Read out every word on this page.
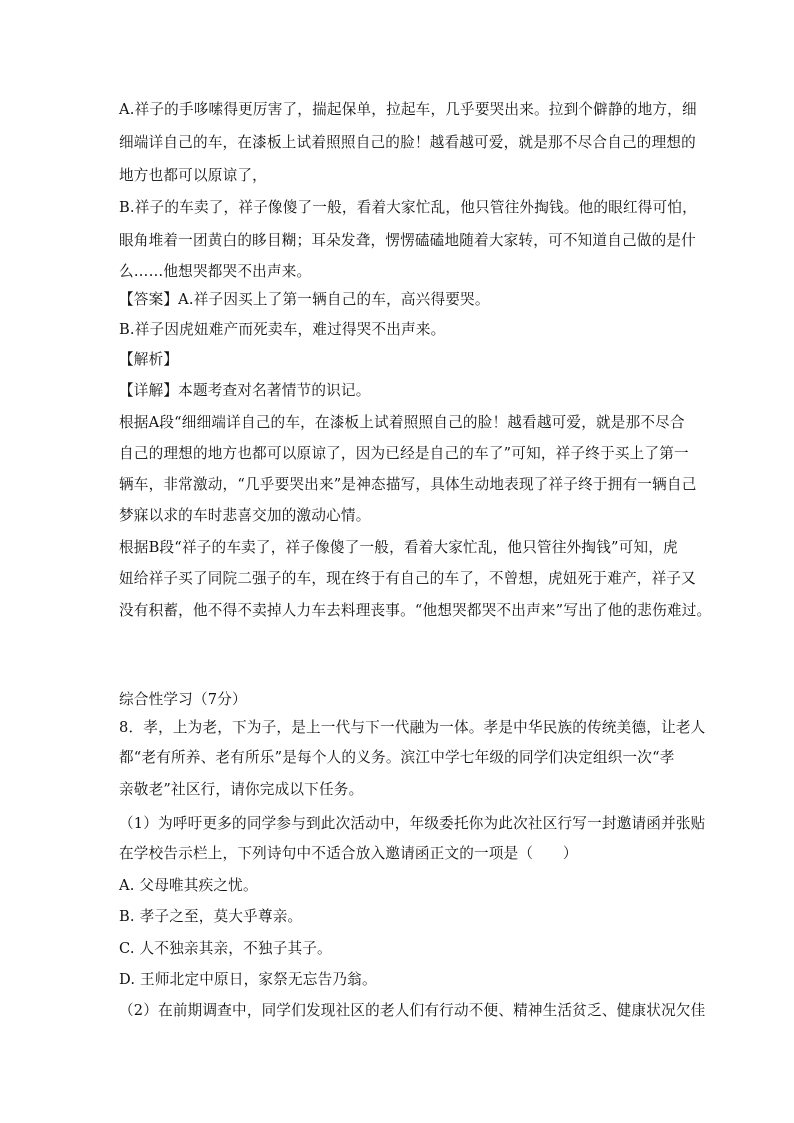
A.祥子的手哆嗦得更厉害了，揣起保单，拉起车，几乎要哭出来。拉到个僻静的地方，细
细端详自己的车，在漆板上试着照照自己的脸！越看越可爱，就是那不尽合自己的理想的
地方也都可以原谅了，
B.祥子的车卖了，祥子像傻了一般，看着大家忙乱，他只管往外掏钱。他的眼红得可怕，
眼角堆着一团黄白的眵目糊；耳朵发聋，愣愣磕磕地随着大家转，可不知道自己做的是什
么……他想哭都哭不出声来。
【答案】A.祥子因买上了第一辆自己的车，高兴得要哭。
B.祥子因虎妞难产而死卖车，难过得哭不出声来。
【解析】
【详解】本题考查对名著情节的识记。
根据A段“细细端详自己的车，在漆板上试着照照自己的脸！越看越可爱，就是那不尽合
自己的理想的地方也都可以原谅了，因为已经是自己的车了”可知，祥子终于买上了第一
辆车，非常激动，“几乎要哭出来”是神态描写，具体生动地表现了祥子终于拥有一辆自己
梦寐以求的车时悲喜交加的激动心情。
根据B段“祥子的车卖了，祥子像傻了一般，看着大家忙乱，他只管往外掏钱”可知，虎
妞给祥子买了同院二强子的车，现在终于有自己的车了，不曾想，虎妞死于难产，祥子又
没有积蓄，他不得不卖掉人力车去料理丧事。“他想哭都哭不出声来”写出了他的悲伤难过。
综合性学习（7分）
8．孝，上为老，下为子，是上一代与下一代融为一体。孝是中华民族的传统美德，让老人
都“老有所养、老有所乐”是每个人的义务。滨江中学七年级的同学们决定组织一次“孝
亲敬老”社区行，请你完成以下任务。
（1）为呼吁更多的同学参与到此次活动中，年级委托你为此次社区行写一封邀请函并张贴
在学校告示栏上，下列诗句中不适合放入邀请函正文的一项是（　　）
A. 父母唯其疾之忧。
B. 孝子之至，莫大乎尊亲。
C. 人不独亲其亲，不独子其子。
D. 王师北定中原日，家祭无忘告乃翁。
（2）在前期调查中，同学们发现社区的老人们有行动不便、精神生活贫乏、健康状况欠佳
